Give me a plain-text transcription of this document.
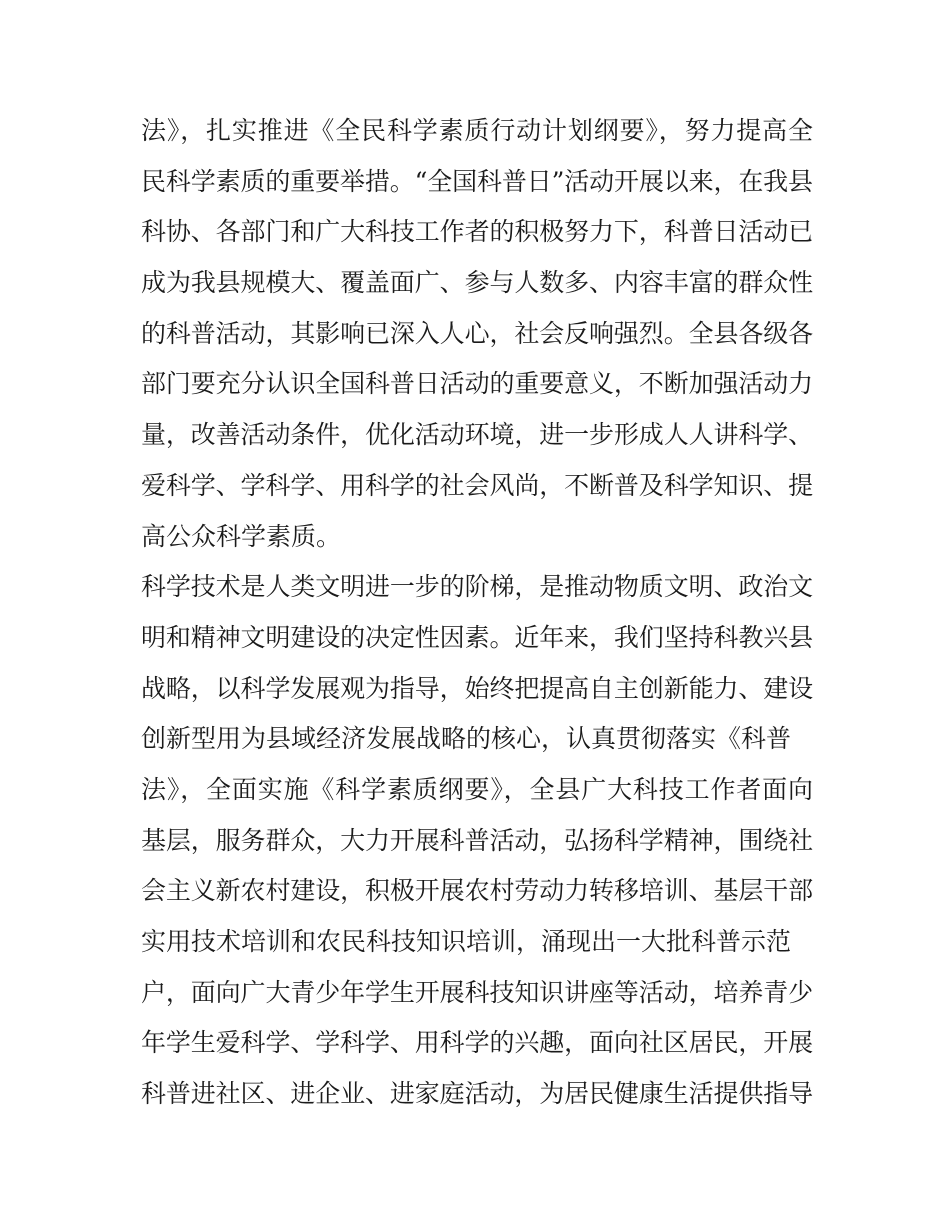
法》，扎实推进《全民科学素质行动计划纲要》，努力提高全
民科学素质的重要举措。“全国科普日”活动开展以来，在我县
科协、各部门和广大科技工作者的积极努力下，科普日活动已
成为我县规模大、覆盖面广、参与人数多、内容丰富的群众性
的科普活动，其影响已深入人心，社会反响强烈。全县各级各
部门要充分认识全国科普日活动的重要意义，不断加强活动力
量，改善活动条件，优化活动环境，进一步形成人人讲科学、
爱科学、学科学、用科学的社会风尚，不断普及科学知识、提
高公众科学素质。
科学技术是人类文明进一步的阶梯，是推动物质文明、政治文
明和精神文明建设的决定性因素。近年来，我们坚持科教兴县
战略，以科学发展观为指导，始终把提高自主创新能力、建设
创新型用为县域经济发展战略的核心，认真贯彻落实《科普
法》，全面实施《科学素质纲要》，全县广大科技工作者面向
基层，服务群众，大力开展科普活动，弘扬科学精神，围绕社
会主义新农村建设，积极开展农村劳动力转移培训、基层干部
实用技术培训和农民科技知识培训，涌现出一大批科普示范
户，面向广大青少年学生开展科技知识讲座等活动，培养青少
年学生爱科学、学科学、用科学的兴趣，面向社区居民，开展
科普进社区、进企业、进家庭活动，为居民健康生活提供指导
